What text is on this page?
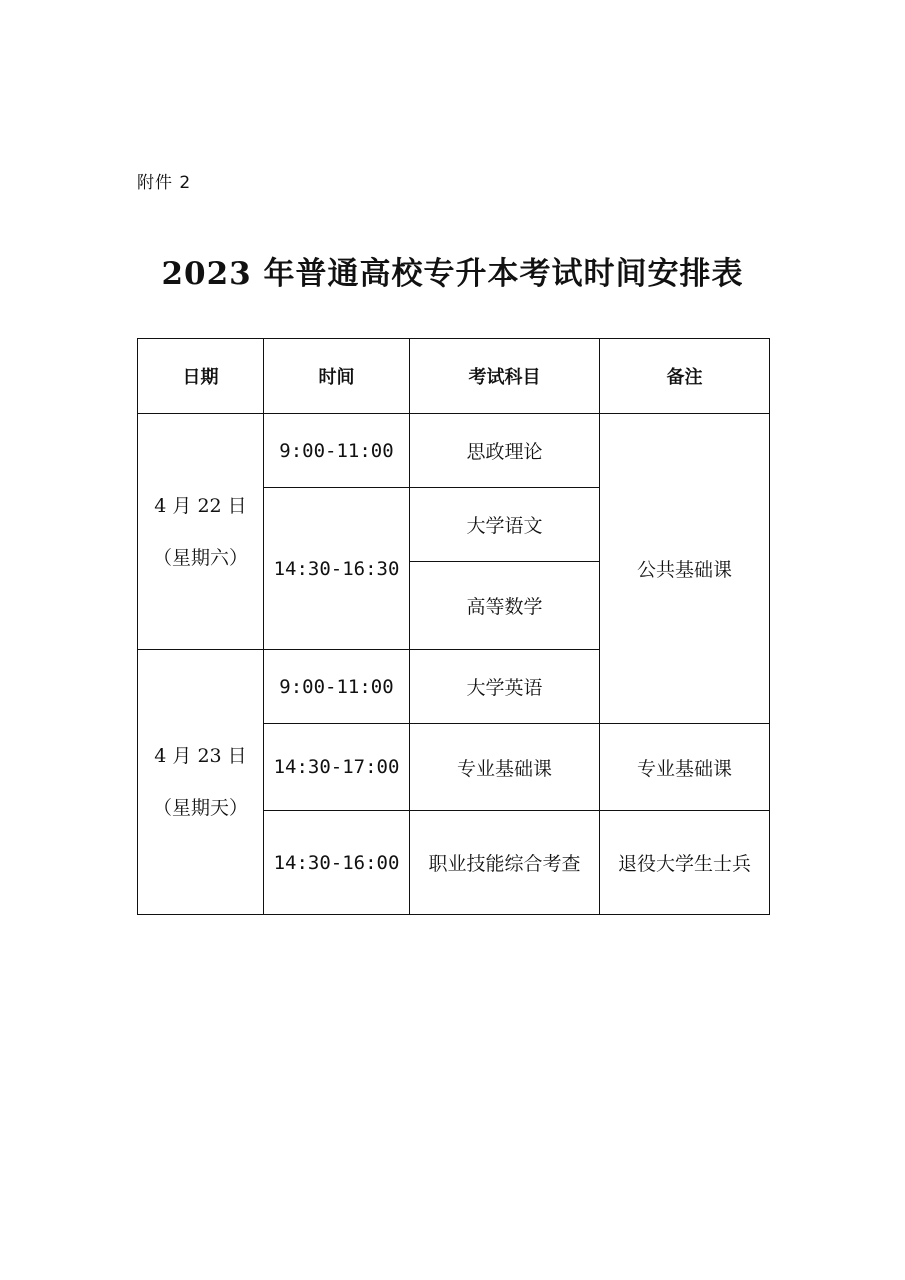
附件 2
2023 年普通高校专升本考试时间安排表
日期	时间	考试科目	备注

4 月 22 日
（星期六）	9:00-11:00	思政理论	公共基础课
	14:30-16:30	大学语文	
		高等数学	

4 月 23 日
（星期天）	9:00-11:00	大学英语	
	14:30-17:00	专业基础课	专业基础课
	14:30-16:00	职业技能综合考查	退役大学生士兵
